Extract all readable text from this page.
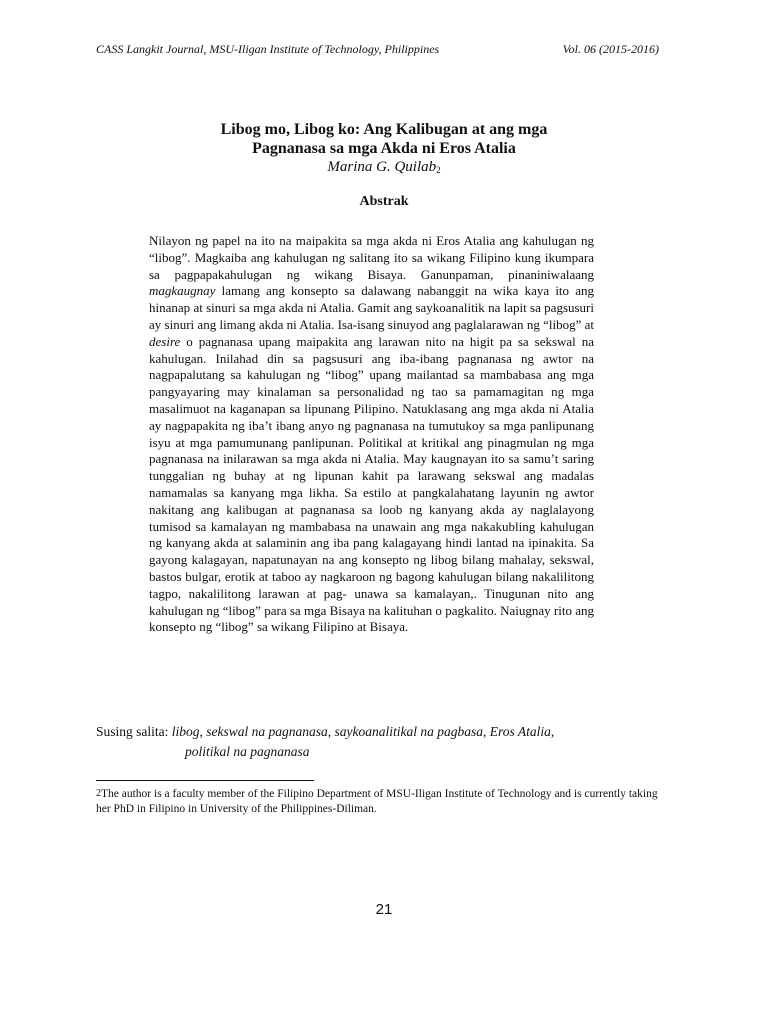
CASS Langkit Journal, MSU-Iligan Institute of Technology, Philippines	Vol. 06 (2015-2016)
Libog mo, Libog ko: Ang Kalibugan at ang mga
Pagnanasa sa mga Akda ni Eros Atalia
Marina G. Quilab$^2$
Abstrak
Nilayon ng papel na ito na maipakita sa mga akda ni Eros Atalia ang kahulugan ng “libog”. Magkaiba ang kahulugan ng salitang ito sa wikang Filipino kung ikumpara sa pagpapakahulugan ng wikang Bisaya. Ganunpaman, pinaniniwalaang magkaugnay lamang ang konsepto sa dalawang nabanggit na wika kaya ito ang hinanap at sinuri sa mga akda ni Atalia. Gamit ang saykoanalitik na lapit sa pagsusuri ay sinuri ang limang akda ni Atalia. Isa-isang sinuyod ang paglalarawan ng “libog” at desire o pagnanasa upang maipakita ang larawan nito na higit pa sa sekswal na kahulugan. Inilahad din sa pagsusuri ang iba-ibang pagnanasa ng awtor na nagpapalutang sa kahulugan ng “libog” upang mailantad sa mambabasa ang mga pangyayaring may kinalaman sa personalidad ng tao sa pamamagitan ng mga masalimuot na kaganapan sa lipunang Pilipino. Natuklasang ang mga akda ni Atalia ay nagpapakita ng iba’t ibang anyo ng pagnanasa na tumutukoy sa mga panlipunang isyu at mga pamumunang panlipunan. Politikal at kritikal ang pinagmulan ng mga pagnanasa na inilarawan sa mga akda ni Atalia. May kaugnayan ito sa samu’t saring tunggalian ng buhay at ng lipunan kahit pa larawang sekswal ang madalas namamalas sa kanyang mga likha. Sa estilo at pangkalahatang layunin ng awtor nakitang ang kalibugan at pagnanasa sa loob ng kanyang akda ay naglalayong tumisod sa kamalayan ng mambabasa na unawain ang mga nakakubling kahulugan ng kanyang akda at salaminin ang iba pang kalagayang hindi lantad na ipinakita. Sa gayong kalagayan, napatunayan na ang konsepto ng libog bilang mahalay, sekswal, bastos bulgar, erotik at taboo ay nagkaroon ng bagong kahulugan bilang nakalilitong tagpo, nakalilitong larawan at pag- unawa sa kamalayan,. Tinugunan nito ang kahulugan ng “libog” para sa mga Bisaya na kalituhan o pagkalito. Naiugnay rito ang konsepto ng “libog” sa wikang Filipino at Bisaya.
Susing salita: libog, sekswal na pagnanasa, saykoanalitikal na pagbasa, Eros Atalia,
politikal na pagnanasa
$^2$The author is a faculty member of the Filipino Department of MSU-Iligan Institute of Technology and is currently taking her PhD in Filipino in University of the Philippines-Diliman.
21
